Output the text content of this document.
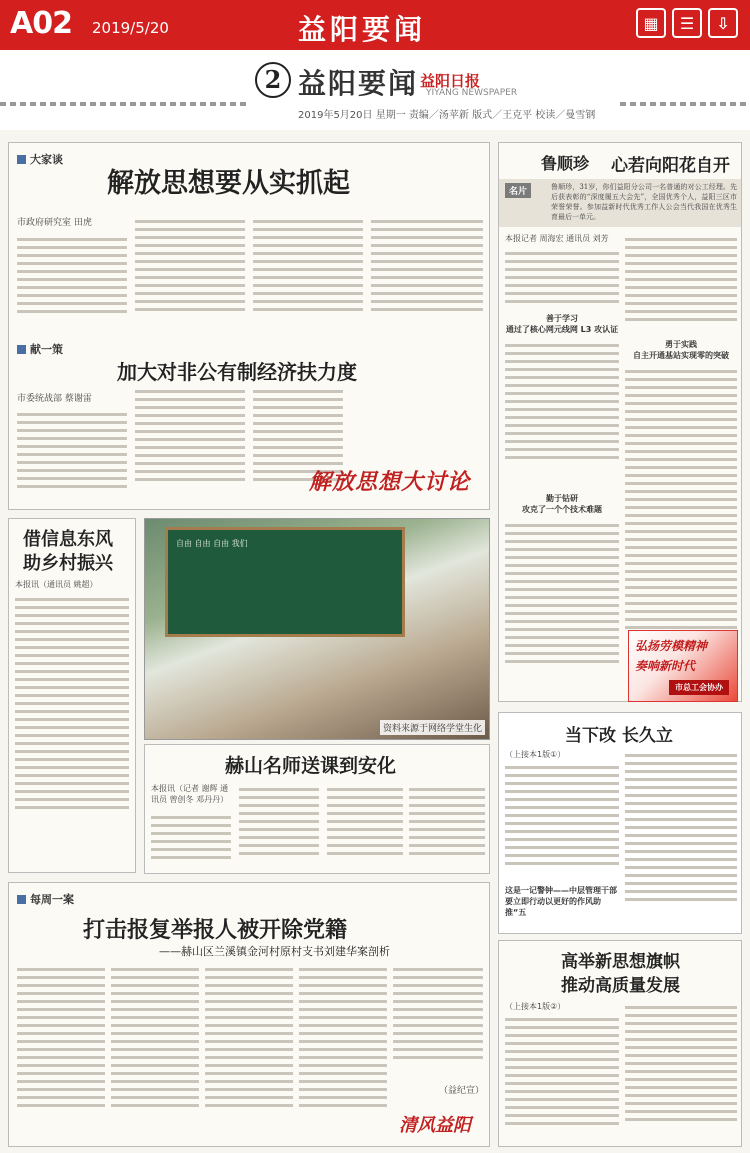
A02 2019/5/20	益阳要闻	▦	☰	⇩
2 益阳要闻 益阳日报
YIYANG NEWSPAPER
2019年5月20日 星期一 责编／汤苹新 版式／王克平 校读／曼雪钢
大家谈
解放思想要从实抓起
市政府研究室 田虎
献一策
加大对非公有制经济扶力度
市委统战部 蔡谢雷
解放思想大讨论
借信息东风
助乡村振兴
本报讯（通讯员 姚超）
自由 自由 自由 我们
资料来源于网络学堂生化
赫山名师送课到安化
本报讯（记者 谢辉 通讯员 曾创冬 邓丹丹）
鲁顺珍 心若向阳花自开
名片	鲁顺珍，31岁，你们益阳分公司一名普通的对公工经理。先后获表彰的“深度履五大会先”，全国优秀个人，益阳三区市荣誉荣誉。参加益新时代优秀工作人公会当代我国在优秀生育最后一单元。
本报记者 周海宏 通讯员 刘芳
善于学习
通过了核心网元线网 L3 攻认证
勤于钻研
攻克了一个个技术难题
勇于实践
自主开通基站实现零的突破
弘扬劳模精神
奏响新时代
市总工会协办
每周一案
打击报复举报人被开除党籍
——赫山区兰溪镇金河村原村支书刘建华案剖析
（益纪宣）
清风益阳
当下改 长久立
（上接本1版①）
这是一记警钟——中层管理干部要立即行动以更好的作风助推“五
高举新思想旗帜
推动高质量发展
（上接本1版②）
